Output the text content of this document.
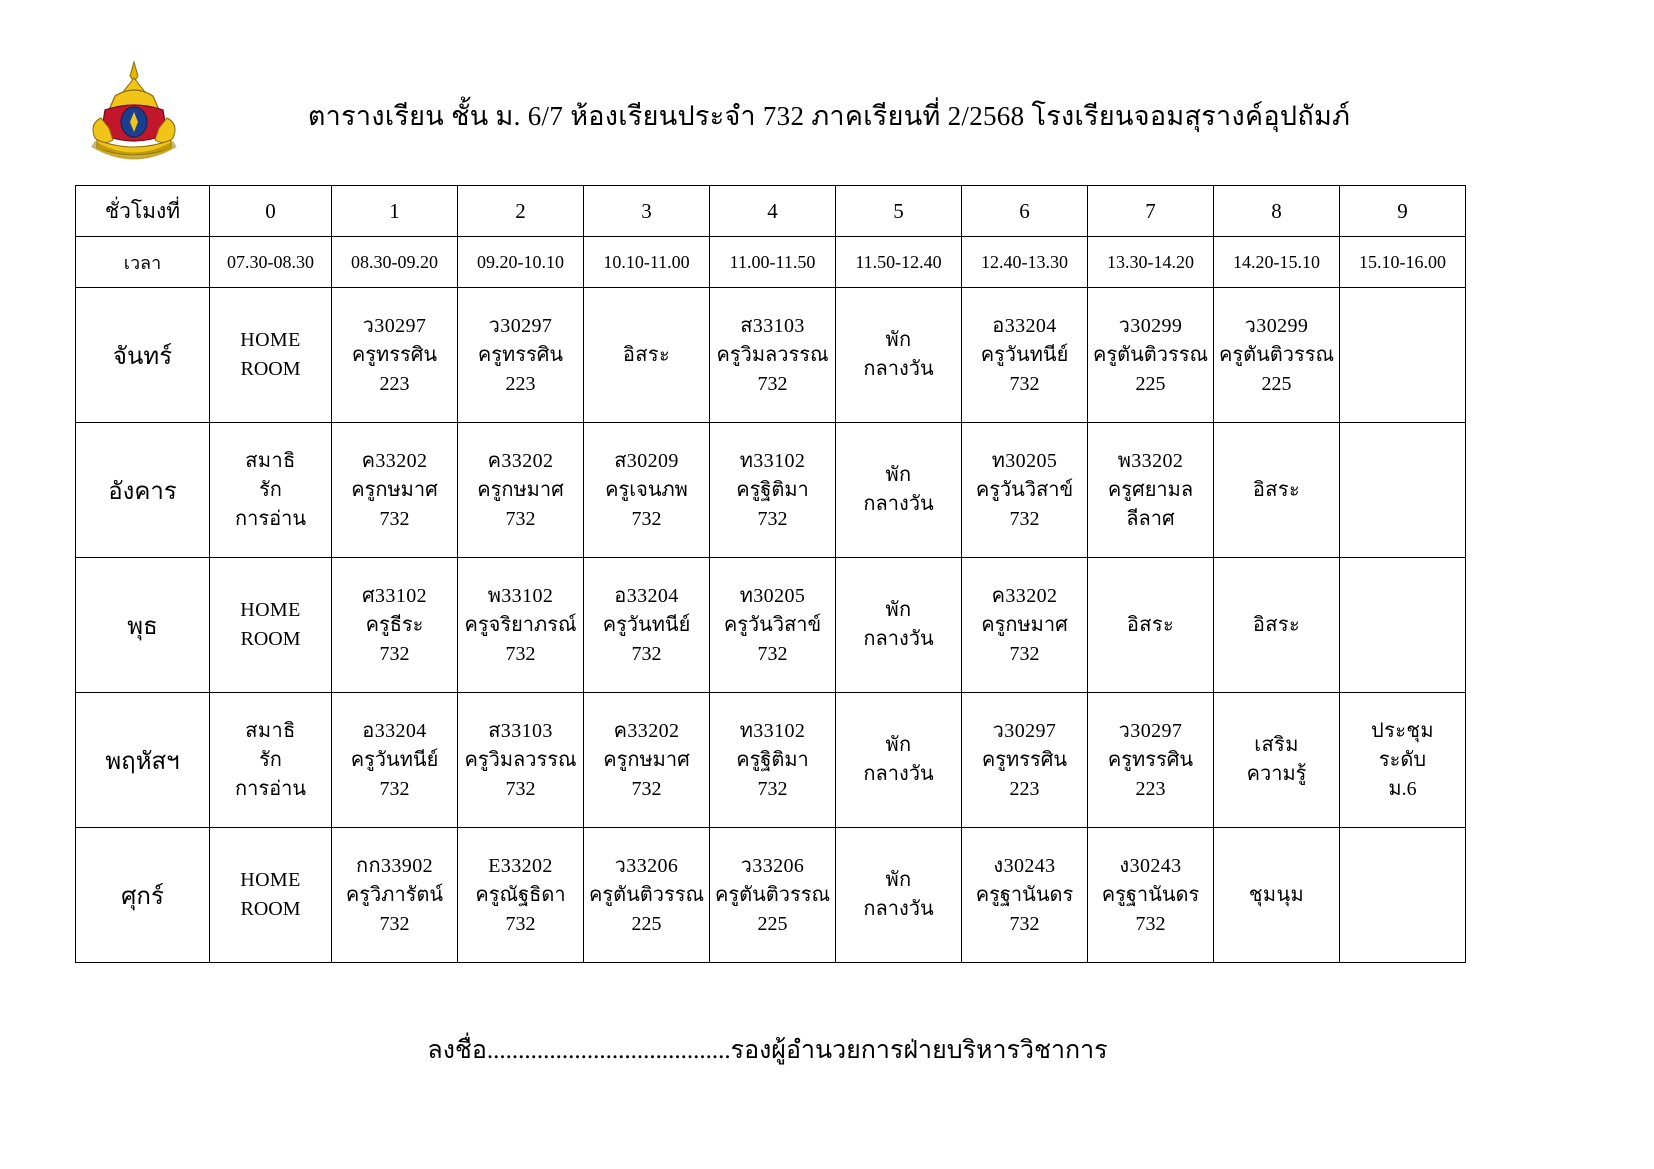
ตารางเรียน ชั้น ม. 6/7 ห้องเรียนประจำ 732 ภาคเรียนที่ 2/2568 โรงเรียนจอมสุรางค์อุปถัมภ์
ชั่วโมงที่	0	1	2	3	4	5	6	7	8	9
เวลา	07.30-08.30	08.30-09.20	09.20-10.10	10.10-11.00	11.00-11.50	11.50-12.40	12.40-13.30	13.30-14.20	14.20-15.10	15.10-16.00
จันทร์	HOME
ROOM	ว30297
ครูทรรศิน
223	ว30297
ครูทรรศิน
223	อิสระ	ส33103
ครูวิมลวรรณ
732	พัก
กลางวัน	อ33204
ครูวันทนีย์
732	ว30299
ครูตันติวรรณ
225	ว30299
ครูตันติวรรณ
225	

อังคาร	สมาธิ
รัก
การอ่าน	ค33202
ครูกษมาศ
732	ค33202
ครูกษมาศ
732	ส30209
ครูเจนภพ
732	ท33102
ครูฐิติมา
732	พัก
กลางวัน	ท30205
ครูวันวิสาข์
732	พ33202
ครูศยามล
ลีลาศ	อิสระ	

พุธ	HOME
ROOM	ศ33102
ครูธีระ
732	พ33102
ครูจริยาภรณ์
732	อ33204
ครูวันทนีย์
732	ท30205
ครูวันวิสาข์
732	พัก
กลางวัน	ค33202
ครูกษมาศ
732	อิสระ	อิสระ	

พฤหัสฯ	สมาธิ
รัก
การอ่าน	อ33204
ครูวันทนีย์
732	ส33103
ครูวิมลวรรณ
732	ค33202
ครูกษมาศ
732	ท33102
ครูฐิติมา
732	พัก
กลางวัน	ว30297
ครูทรรศิน
223	ว30297
ครูทรรศิน
223	เสริม
ความรู้	ประชุม
ระดับ
ม.6

ศุกร์	HOME
ROOM	กก33902
ครูวิภารัตน์
732	E33202
ครูณัฐธิดา
732	ว33206
ครูตันติวรรณ
225	ว33206
ครูตันติวรรณ
225	พัก
กลางวัน	ง30243
ครูฐานันดร
732	ง30243
ครูฐานันดร
732	ชุมนุม	

ลงชื่อ.......................................รองผู้อำนวยการฝ่ายบริหารวิชาการ
